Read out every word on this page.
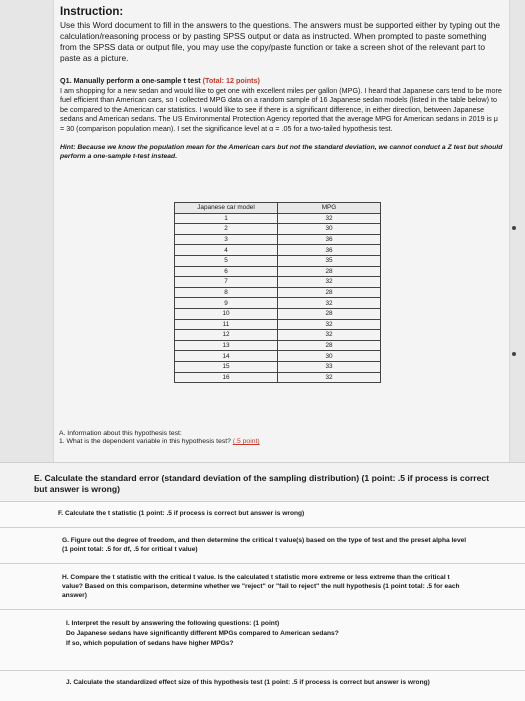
Instruction:

Use this Word document to fill in the answers to the questions. The answers must be supported either by typing out the calculation/reasoning process or by pasting SPSS output or data as instructed. When prompted to paste something from the SPSS data or output file, you may use the copy/paste function or take a screen shot of the relevant part to paste as a picture.

Q1. Manually perform a one-sample t test (Total: 12 points)
I am shopping for a new sedan and would like to get one with excellent miles per gallon (MPG). I heard that Japanese cars tend to be more fuel efficient than American cars, so I collected MPG data on a random sample of 16 Japanese sedan models (listed in the table below) to be compared to the American car statistics. I would like to see if there is a significant difference, in either direction, between Japanese sedans and American sedans. The US Environmental Protection Agency reported that the average MPG for American sedans in 2019 is μ = 30 (comparison population mean). I set the significance level at α = .05 for a two-tailed hypothesis test.
Hint: Because we know the population mean for the American cars but not the standard deviation, we cannot conduct a Z test but should perform a one-sample t-test instead.
Japanese car model	MPG
1	32
2	30
3	36
4	36
5	35
6	28
7	32
8	28
9	32
10	28
11	32
12	32
13	28
14	30
15	33
16	32
A. Information about this hypothesis test:
1. What is the dependent variable in this hypothesis test? (.5 point)

E. Calculate the standard error (standard deviation of the sampling distribution) (1 point: .5 if process is correct but answer is wrong)

F. Calculate the t statistic (1 point: .5 if process is correct but answer is wrong)

G. Figure out the degree of freedom, and then determine the critical t value(s) based on the type of test and the preset alpha level (1 point total: .5 for df, .5 for critical t value)

H. Compare the t statistic with the critical t value. Is the calculated t statistic more extreme or less extreme than the critical t value? Based on this comparison, determine whether we "reject" or "fail to reject" the null hypothesis (1 point total: .5 for each answer)

I. Interpret the result by answering the following questions: (1 point)

Do Japanese sedans have significantly different MPGs compared to American sedans?

If so, which population of sedans have higher MPGs?

J. Calculate the standardized effect size of this hypothesis test (1 point: .5 if process is correct but answer is wrong)
